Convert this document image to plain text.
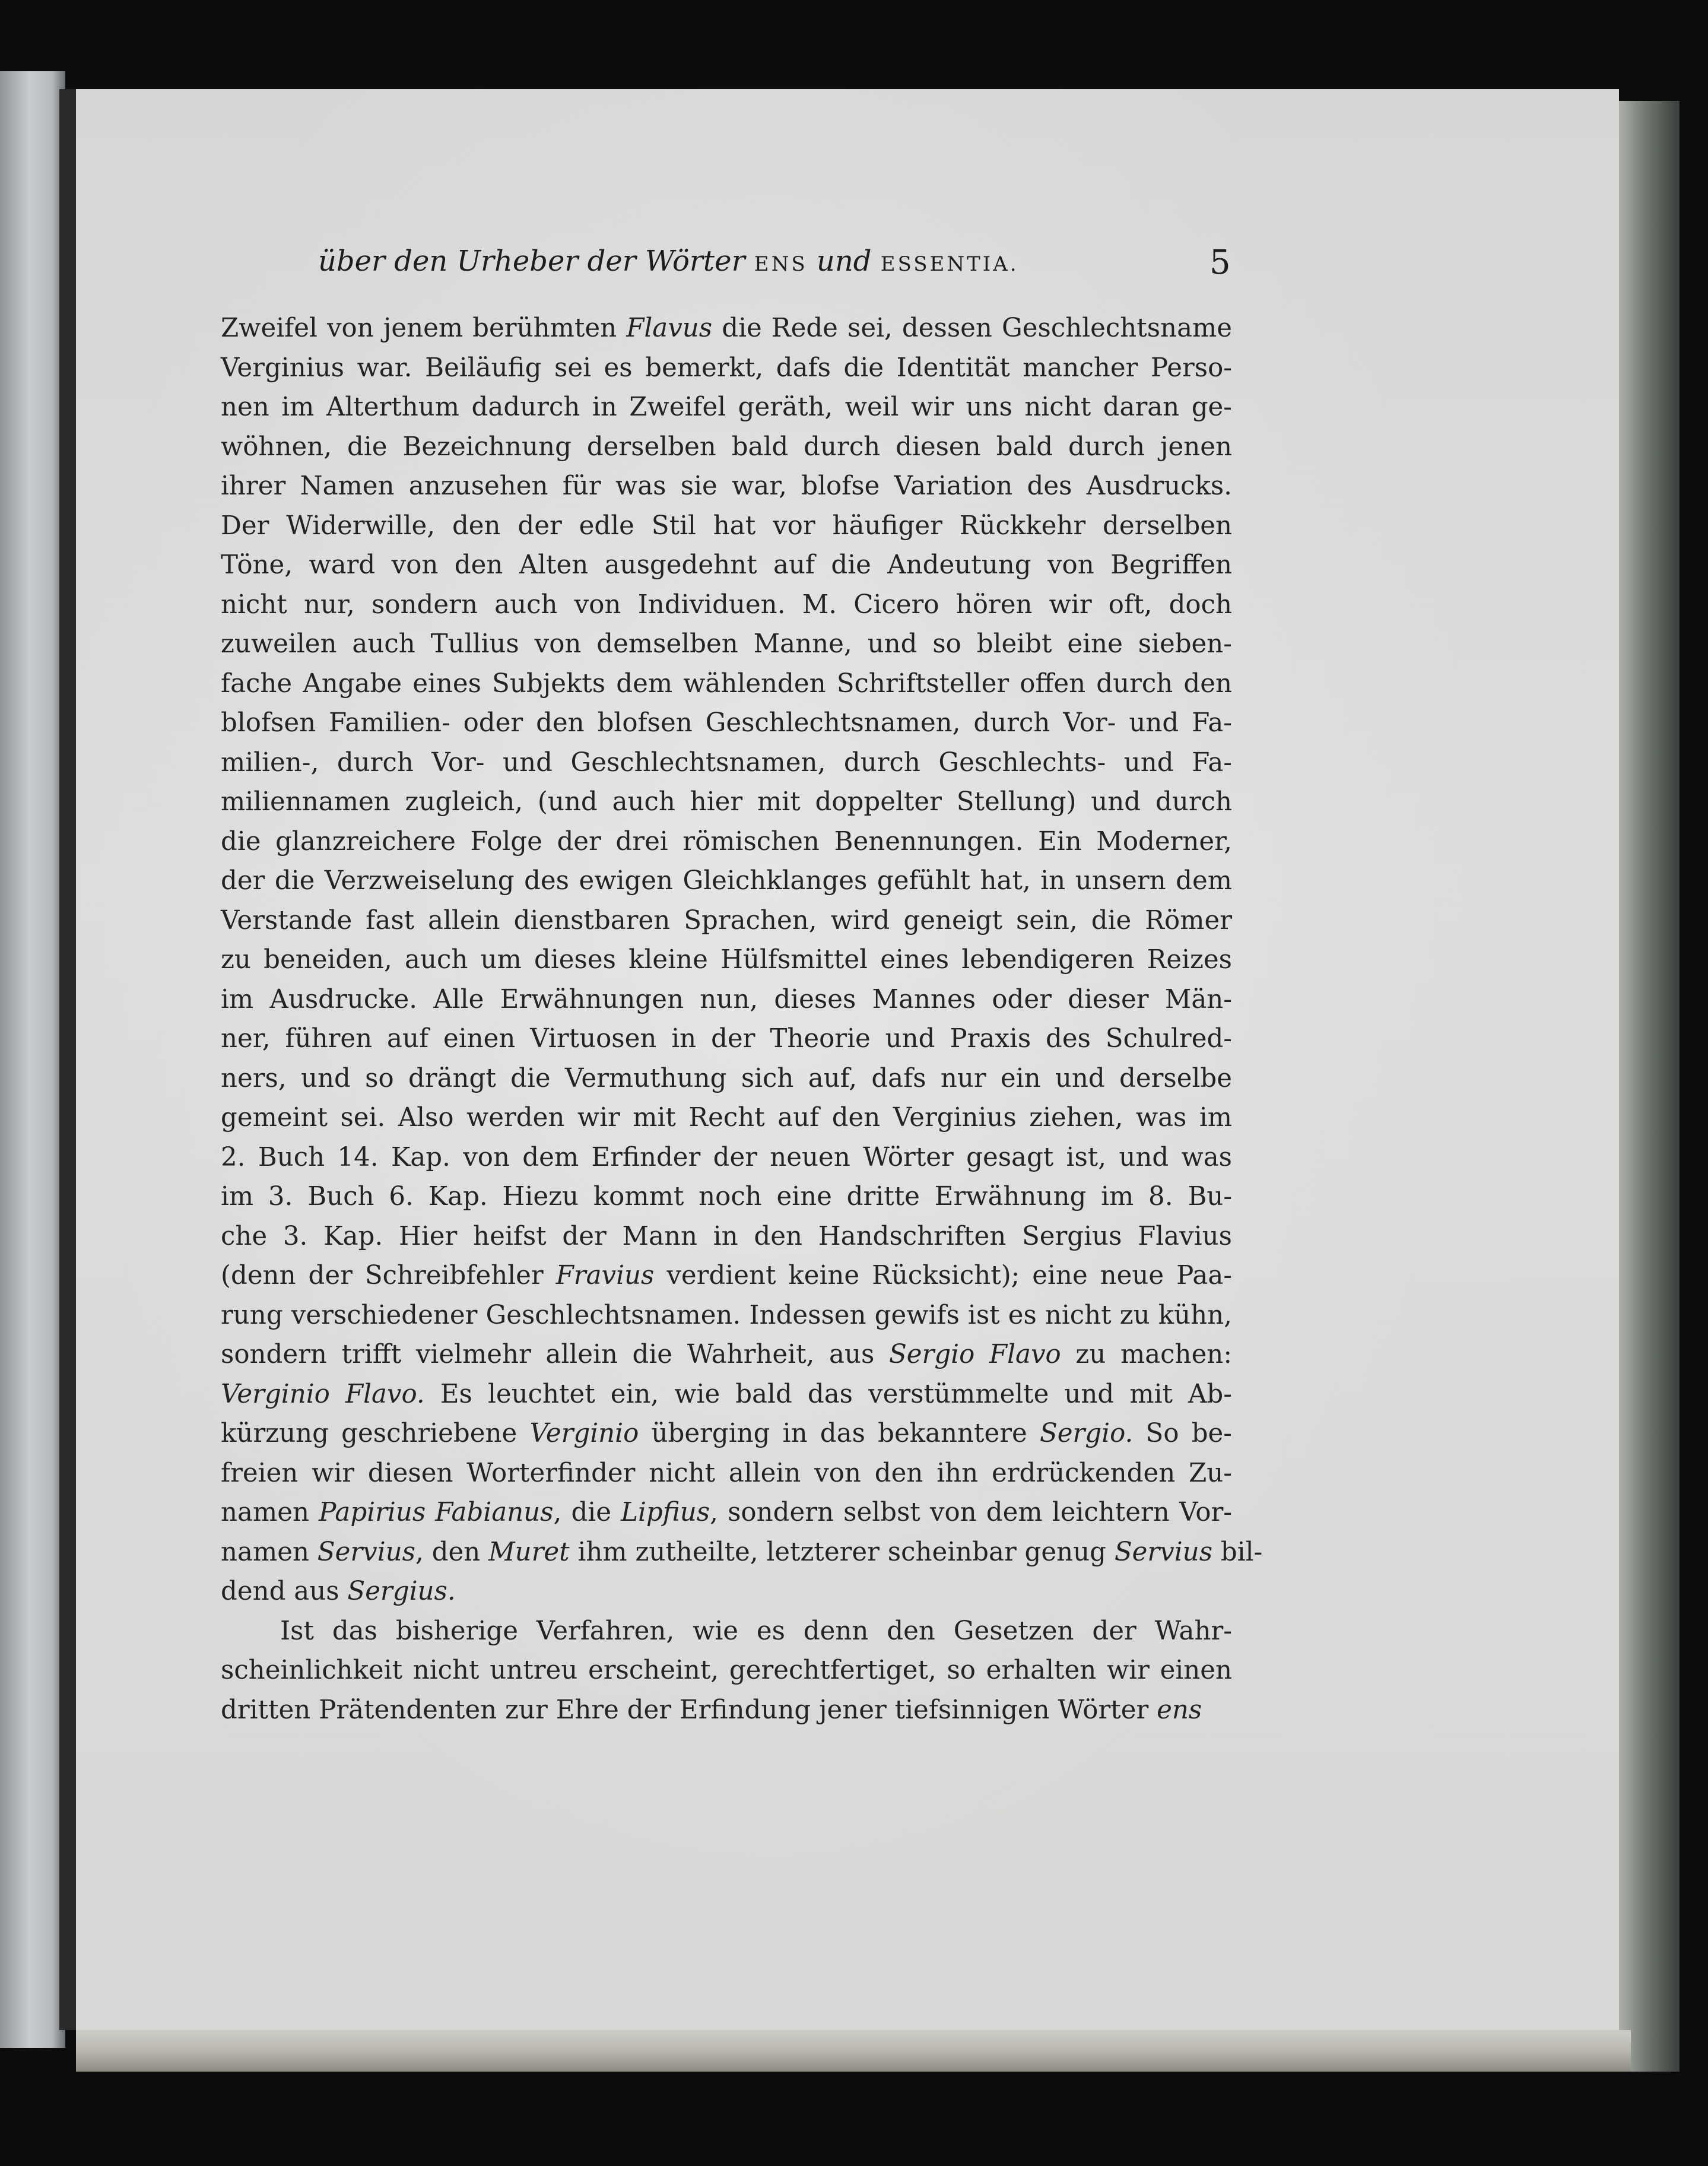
über den Urheber der Wörter ENS und ESSENTIA.	5
Zweifel von jenem berühmten Flavus die Rede sei, dessen Geschlechtsname
Verginius war. Beiläufig sei es bemerkt, dafs die Identität mancher Perso-
nen im Alterthum dadurch in Zweifel geräth, weil wir uns nicht daran ge-
wöhnen, die Bezeichnung derselben bald durch diesen bald durch jenen
ihrer Namen anzusehen für was sie war, blofse Variation des Ausdrucks.
Der Widerwille, den der edle Stil hat vor häufiger Rückkehr derselben
Töne, ward von den Alten ausgedehnt auf die Andeutung von Begriffen
nicht nur, sondern auch von Individuen. M. Cicero hören wir oft, doch
zuweilen auch Tullius von demselben Manne, und so bleibt eine sieben-
fache Angabe eines Subjekts dem wählenden Schriftsteller offen durch den
blofsen Familien- oder den blofsen Geschlechtsnamen, durch Vor- und Fa-
milien-, durch Vor- und Geschlechtsnamen, durch Geschlechts- und Fa-
miliennamen zugleich, (und auch hier mit doppelter Stellung) und durch
die glanzreichere Folge der drei römischen Benennungen. Ein Moderner,
der die Verzweiselung des ewigen Gleichklanges gefühlt hat, in unsern dem
Verstande fast allein dienstbaren Sprachen, wird geneigt sein, die Römer
zu beneiden, auch um dieses kleine Hülfsmittel eines lebendigeren Reizes
im Ausdrucke. Alle Erwähnungen nun, dieses Mannes oder dieser Män-
ner, führen auf einen Virtuosen in der Theorie und Praxis des Schulred-
ners, und so drängt die Vermuthung sich auf, dafs nur ein und derselbe
gemeint sei. Also werden wir mit Recht auf den Verginius ziehen, was im
2. Buch 14. Kap. von dem Erfinder der neuen Wörter gesagt ist, und was
im 3. Buch 6. Kap. Hiezu kommt noch eine dritte Erwähnung im 8. Bu-
che 3. Kap. Hier heifst der Mann in den Handschriften Sergius Flavius
(denn der Schreibfehler Fravius verdient keine Rücksicht); eine neue Paa-
rung verschiedener Geschlechtsnamen. Indessen gewifs ist es nicht zu kühn,
sondern trifft vielmehr allein die Wahrheit, aus Sergio Flavo zu machen:
Verginio Flavo. Es leuchtet ein, wie bald das verstümmelte und mit Ab-
kürzung geschriebene Verginio überging in das bekanntere Sergio. So be-
freien wir diesen Worterfinder nicht allein von den ihn erdrückenden Zu-
namen Papirius Fabianus, die Lipfius, sondern selbst von dem leichtern Vor-
namen Servius, den Muret ihm zutheilte, letzterer scheinbar genug Servius bil-
dend aus Sergius.
Ist das bisherige Verfahren, wie es denn den Gesetzen der Wahr-
scheinlichkeit nicht untreu erscheint, gerechtfertiget, so erhalten wir einen
dritten Prätendenten zur Ehre der Erfindung jener tiefsinnigen Wörter ens
